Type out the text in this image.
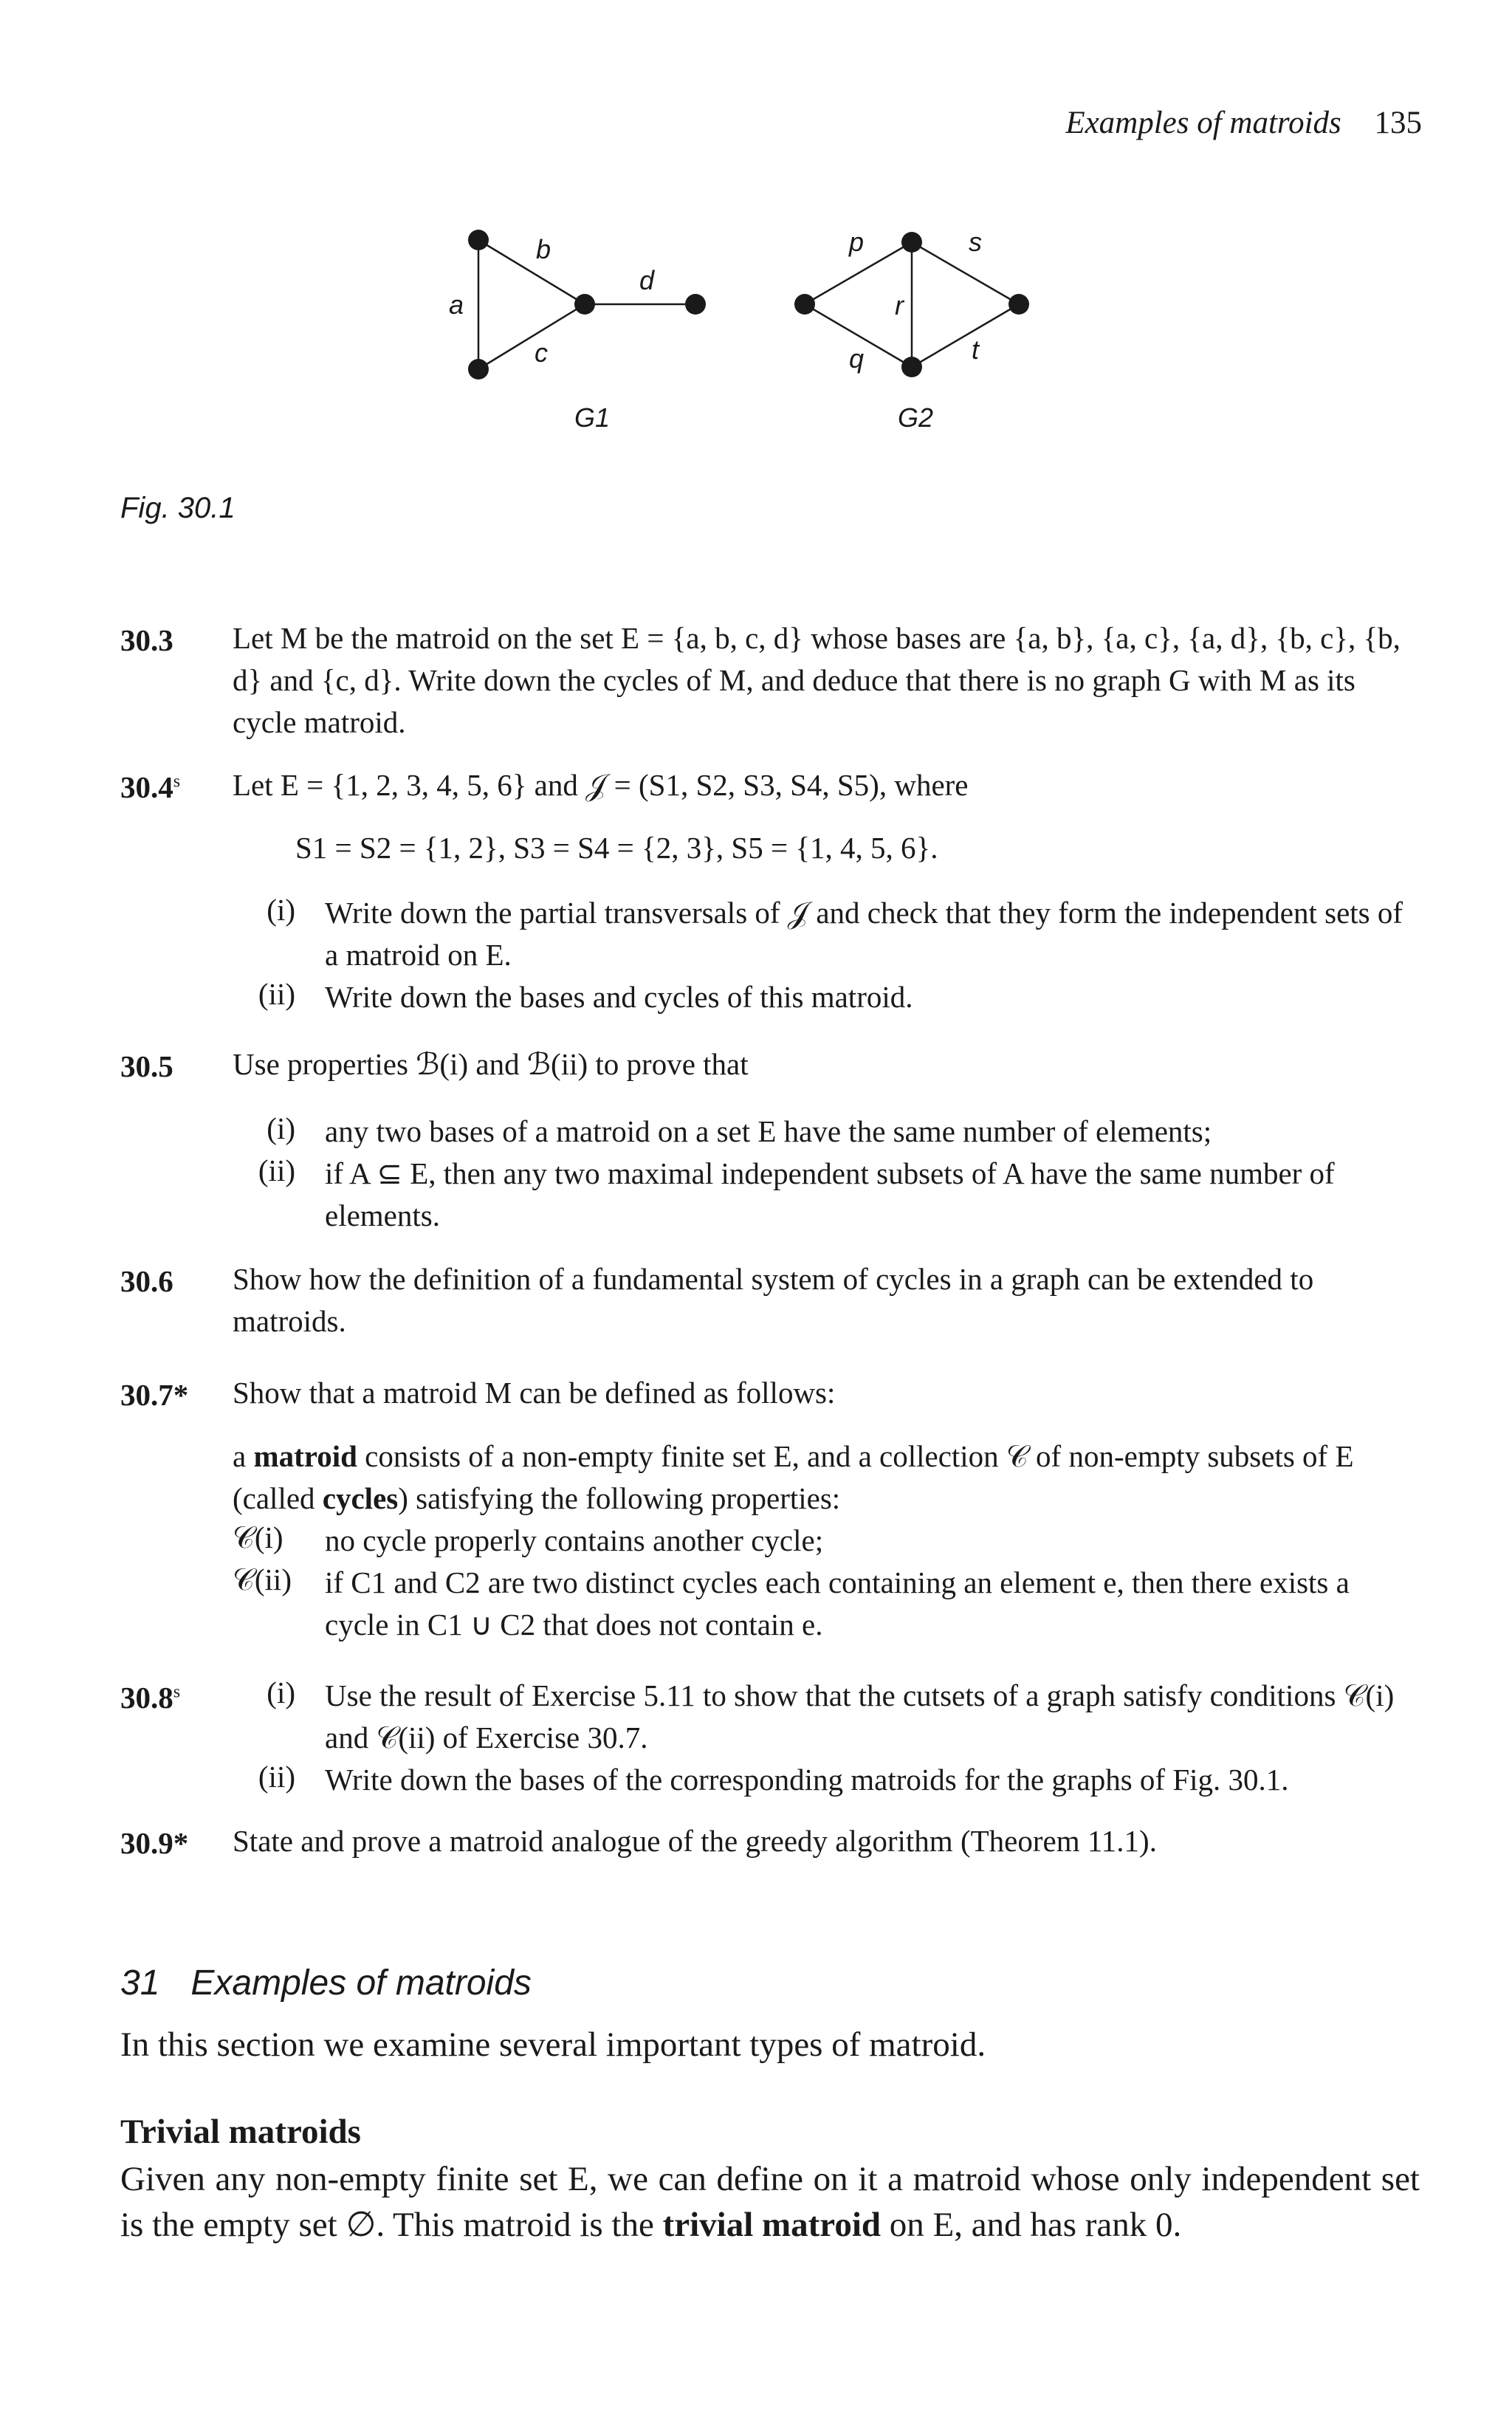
Examples of matroids 135
a
b
c
d
G1
p
q
r
s
t
G2
Fig. 30.1
30.3 Let M be the matroid on the set E = {a, b, c, d} whose bases are {a, b}, {a, c}, {a, d}, {b, c}, {b, d} and {c, d}. Write down the cycles of M, and deduce that there is no graph G with M as its cycle matroid.
30.4$^s$ Let E = {1, 2, 3, 4, 5, 6} and 𝒥 = (S1, S2, S3, S4, S5), where
S1 = S2 = {1, 2}, S3 = S4 = {2, 3}, S5 = {1, 4, 5, 6}.
(i) Write down the partial transversals of 𝒥 and check that they form the independent sets of a matroid on E.
(ii) Write down the bases and cycles of this matroid.
30.5 Use properties ℬ(i) and ℬ(ii) to prove that
(i) any two bases of a matroid on a set E have the same number of elements;
(ii) if A ⊆ E, then any two maximal independent subsets of A have the same number of elements.
30.6 Show how the definition of a fundamental system of cycles in a graph can be extended to matroids.
30.7* Show that a matroid M can be defined as follows:
a matroid consists of a non-empty finite set E, and a collection 𝒞 of non-empty subsets of E (called cycles) satisfying the following properties:
𝒞(i)	no cycle properly contains another cycle;
𝒞(ii)	if C1 and C2 are two distinct cycles each containing an element e, then there exists a cycle in C1 ∪ C2 that does not contain e.
30.8$^s$	(i) Use the result of Exercise 5.11 to show that the cutsets of a graph satisfy conditions 𝒞(i) and 𝒞(ii) of Exercise 30.7.
(ii) Write down the bases of the corresponding matroids for the graphs of Fig. 30.1.
30.9* State and prove a matroid analogue of the greedy algorithm (Theorem 11.1).
31 Examples of matroids
In this section we examine several important types of matroid.
Trivial matroids
Given any non-empty finite set E, we can define on it a matroid whose only independent set is the empty set ∅. This matroid is the trivial matroid on E, and has rank 0.
